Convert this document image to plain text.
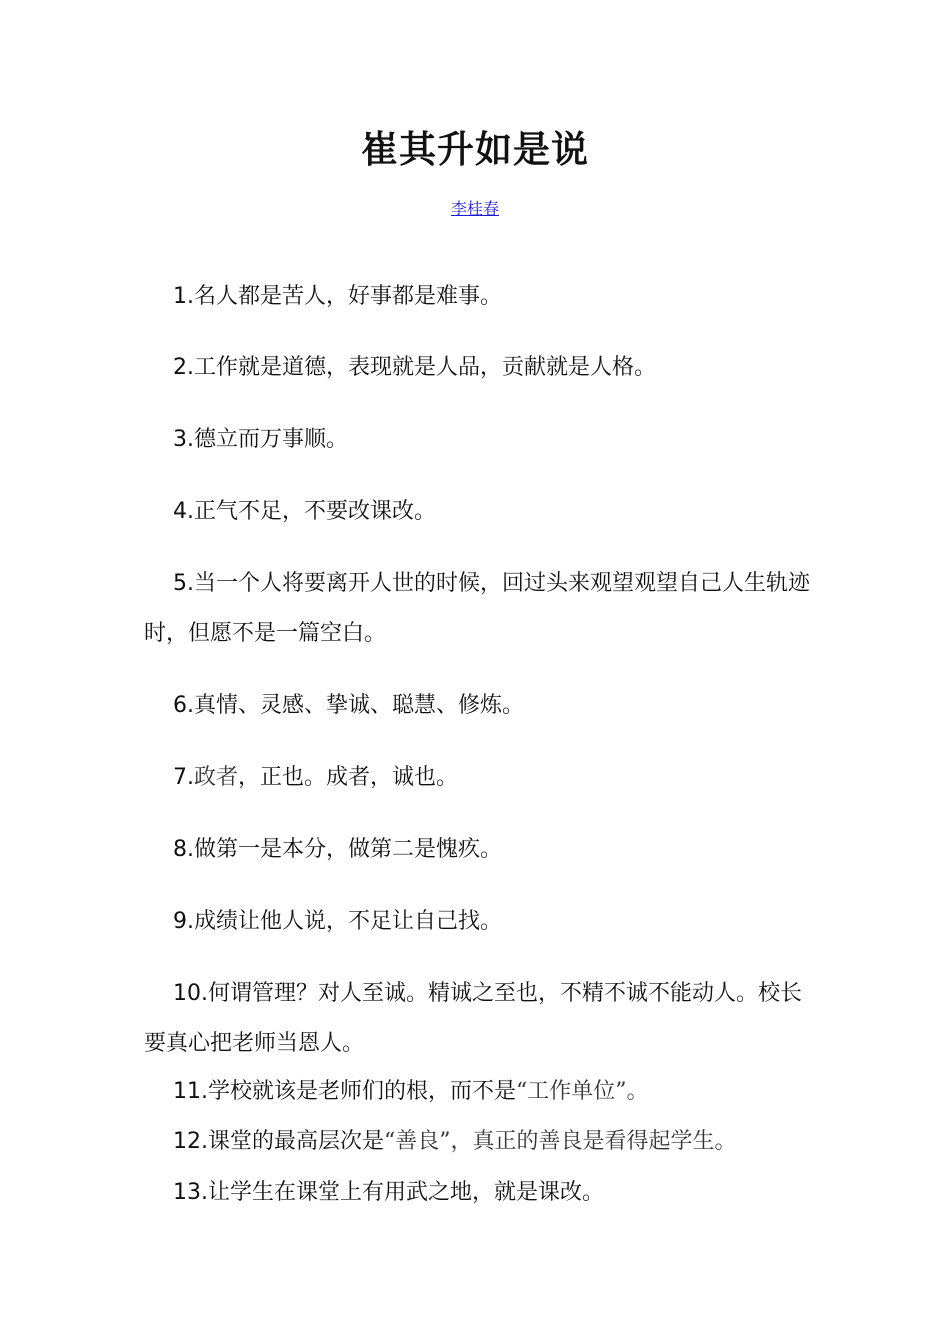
崔其升如是说
李桂春

1.名人都是苦人，好事都是难事。

2.工作就是道德，表现就是人品，贡献就是人格。

3.德立而万事顺。

4.正气不足，不要改课改。

5.当一个人将要离开人世的时候，回过头来观望观望自己人生轨迹时，但愿不是一篇空白。

6.真情、灵感、挚诚、聪慧、修炼。

7.政者，正也。成者，诚也。

8.做第一是本分，做第二是愧疚。

9.成绩让他人说，不足让自己找。

10.何谓管理？对人至诚。精诚之至也，不精不诚不能动人。校长要真心把老师当恩人。

11.学校就该是老师们的根，而不是“工作单位”。

12.课堂的最高层次是“善良”，真正的善良是看得起学生。

13.让学生在课堂上有用武之地，就是课改。
